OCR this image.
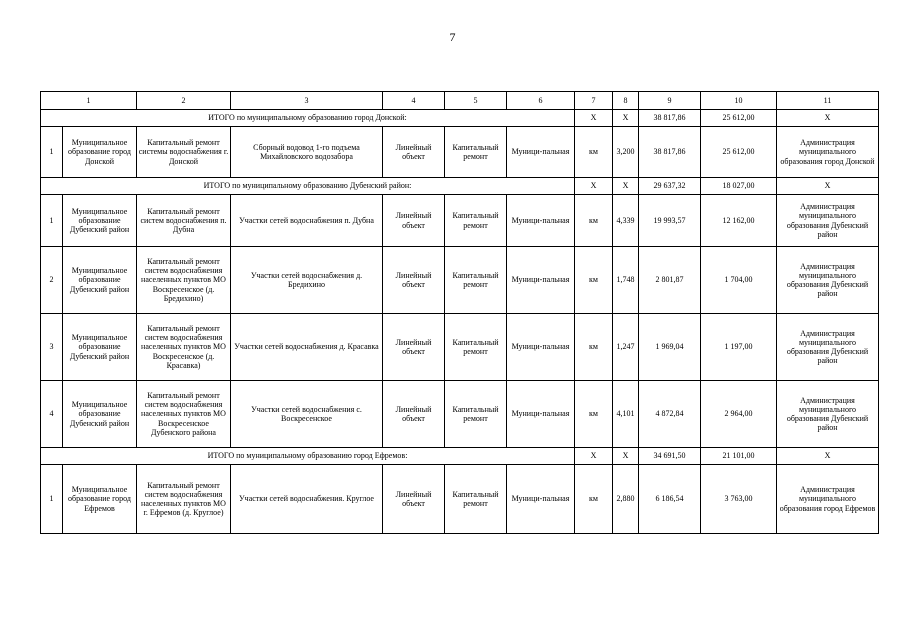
7
1		2	3	4	5	6	7	8	9	10	11
ИТОГО по муниципальному образованию город Донской:							Х	Х	38 817,86	25 612,00	Х
1	Муниципальное образование город Донской	Капитальный ремонт системы водоснабжения г. Донской	Сборный водовод 1-го подъема Михайловского водозабора	Линейный объект	Капитальный ремонт	Муници-пальная	км	3,200	38 817,86	25 612,00	Администрация муниципального образования город Донской
ИТОГО по муниципальному образованию Дубенский район:							Х	Х	29 637,32	18 027,00	Х
1	Муниципальное образование Дубенский район	Капитальный ремонт систем водоснабжения п. Дубна	Участки сетей водоснабжения п. Дубна	Линейный объект	Капитальный ремонт	Муници-пальная	км	4,339	19 993,57	12 162,00	Администрация муниципального образования Дубенский район
2	Муниципальное образование Дубенский район	Капитальный ремонт систем водоснабжения населенных пунктов МО Воскресенское (д. Бредихино)	Участки сетей водоснабжения д. Бредихино	Линейный объект	Капитальный ремонт	Муници-пальная	км	1,748	2 801,87	1 704,00	Администрация муниципального образования Дубенский район
3	Муниципальное образование Дубенский район	Капитальный ремонт систем водоснабжения населенных пунктов МО Воскресенское (д. Красавка)	Участки сетей водоснабжения д. Красавка	Линейный объект	Капитальный ремонт	Муници-пальная	км	1,247	1 969,04	1 197,00	Администрация муниципального образования Дубенский район
4	Муниципальное образование Дубенский район	Капитальный ремонт систем водоснабжения населенных пунктов МО Воскресенское Дубенского района	Участки сетей водоснабжения с. Воскресенское	Линейный объект	Капитальный ремонт	Муници-пальная	км	4,101	4 872,84	2 964,00	Администрация муниципального образования Дубенский район
ИТОГО по муниципальному образованию город Ефремов:							Х	Х	34 691,50	21 101,00	Х
1	Муниципальное образование город Ефремов	Капитальный ремонт систем водоснабжения населенных пунктов МО г. Ефремов (д. Круглое)	Участки сетей водоснабжения. Круглое	Линейный объект	Капитальный ремонт	Муници-пальная	км	2,880	6 186,54	3 763,00	Администрация муниципального образования город Ефремов
